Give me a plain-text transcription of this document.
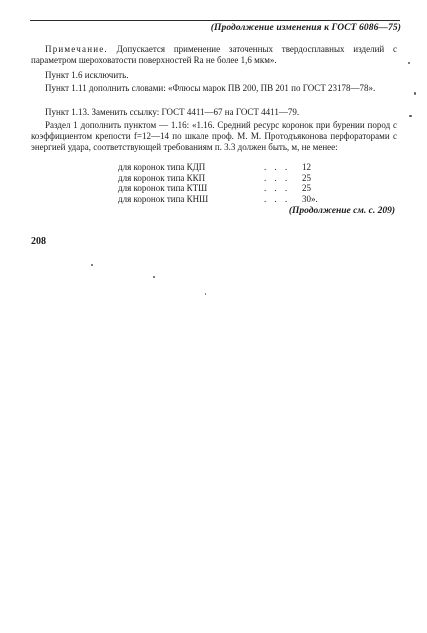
(Продолжение изменения к ГОСТ 6086—75)
Примечание. Допускается применение заточенных твердосплавных изделий с параметром шероховатости поверхностей Ra не более 1,6 мкм».
Пункт 1.6 исключить.
Пункт 1.11 дополнить словами: «Флюсы марок ПВ 200, ПВ 201 по ГОСТ 23178—78».
Пункт 1.13. Заменить ссылку: ГОСТ 4411—67 на ГОСТ 4411—79.
Раздел 1 дополнить пунктом — 1.16: «1.16. Средний ресурс коронок при бурении пород с коэффициентом крепости f=12—14 по шкале проф. М. М. Протодъяконова перфораторами с энергией удара, соответствующей требованиям п. 3.3 должен быть, м, не менее:
для коронок типа КДП	. . .	12
для коронок типа ККП	. . .	25
для коронок типа КТШ	. . .	25
для коронок типа КНШ	. . .	30».
(Продолжение см. с. 209)
208
